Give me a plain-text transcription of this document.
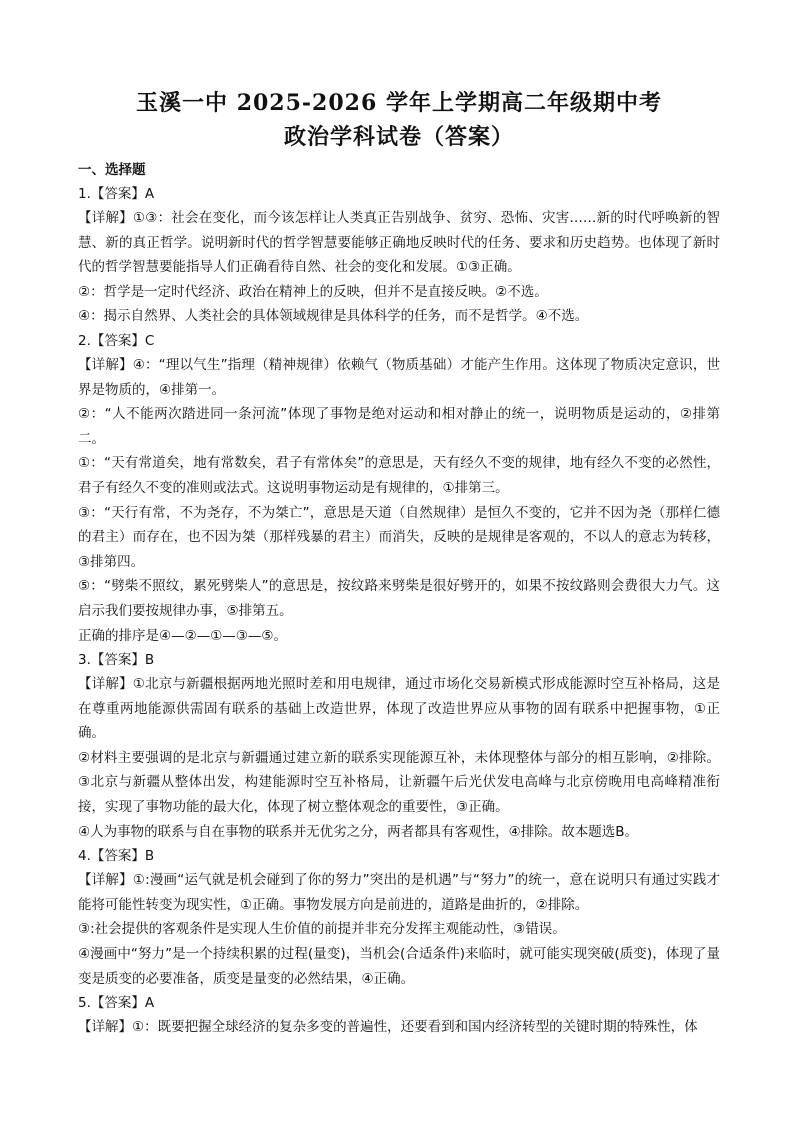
玉溪一中 2025-2026 学年上学期高二年级期中考
政治学科试卷（答案）

一、选择题

1.【答案】A

【详解】①③：社会在变化，而今该怎样让人类真正告别战争、贫穷、恐怖、灾害……新的时代呼唤新的智慧、新的真正哲学。说明新时代的哲学智慧要能够正确地反映时代的任务、要求和历史趋势。也体现了新时代的哲学智慧要能指导人们正确看待自然、社会的变化和发展。①③正确。

②：哲学是一定时代经济、政治在精神上的反映，但并不是直接反映。②不选。

④：揭示自然界、人类社会的具体领域规律是具体科学的任务，而不是哲学。④不选。

2.【答案】C

【详解】④：“理以气生”指理（精神规律）依赖气（物质基础）才能产生作用。这体现了物质决定意识，世界是物质的，④排第一。

②：“人不能两次踏进同一条河流”体现了事物是绝对运动和相对静止的统一，说明物质是运动的，②排第二。

①：“天有常道矣，地有常数矣，君子有常体矣”的意思是，天有经久不变的规律，地有经久不变的必然性，君子有经久不变的准则或法式。这说明事物运动是有规律的，①排第三。

③：“天行有常，不为尧存，不为桀亡”，意思是天道（自然规律）是恒久不变的，它并不因为尧（那样仁德的君主）而存在，也不因为桀（那样残暴的君主）而消失，反映的是规律是客观的，不以人的意志为转移，③排第四。

⑤：“劈柴不照纹，累死劈柴人”的意思是，按纹路来劈柴是很好劈开的，如果不按纹路则会费很大力气。这启示我们要按规律办事，⑤排第五。

正确的排序是④—②—①—③—⑤。

3.【答案】B

【详解】①北京与新疆根据两地光照时差和用电规律，通过市场化交易新模式形成能源时空互补格局，这是在尊重两地能源供需固有联系的基础上改造世界，体现了改造世界应从事物的固有联系中把握事物，①正确。

②材料主要强调的是北京与新疆通过建立新的联系实现能源互补，未体现整体与部分的相互影响，②排除。③北京与新疆从整体出发，构建能源时空互补格局，让新疆午后光伏发电高峰与北京傍晚用电高峰精准衔接，实现了事物功能的最大化，体现了树立整体观念的重要性，③正确。

④人为事物的联系与自在事物的联系并无优劣之分，两者都具有客观性，④排除。故本题选B。

4.【答案】B

【详解】①:漫画“运气就是机会碰到了你的努力”突出的是机遇”与“努力”的统一，意在说明只有通过实践才能将可能性转变为现实性，①正确。事物发展方向是前进的，道路是曲折的，②排除。

③:社会提供的客观条件是实现人生价值的前提并非充分发挥主观能动性，③错误。

④漫画中“努力”是一个持续积累的过程(量变)，当机会(合适条件)来临时，就可能实现突破(质变)，体现了量变是质变的必要准备，质变是量变的必然结果，④正确。

5.【答案】A

【详解】①：既要把握全球经济的复杂多变的普遍性，还要看到和国内经济转型的关键时期的特殊性，体
